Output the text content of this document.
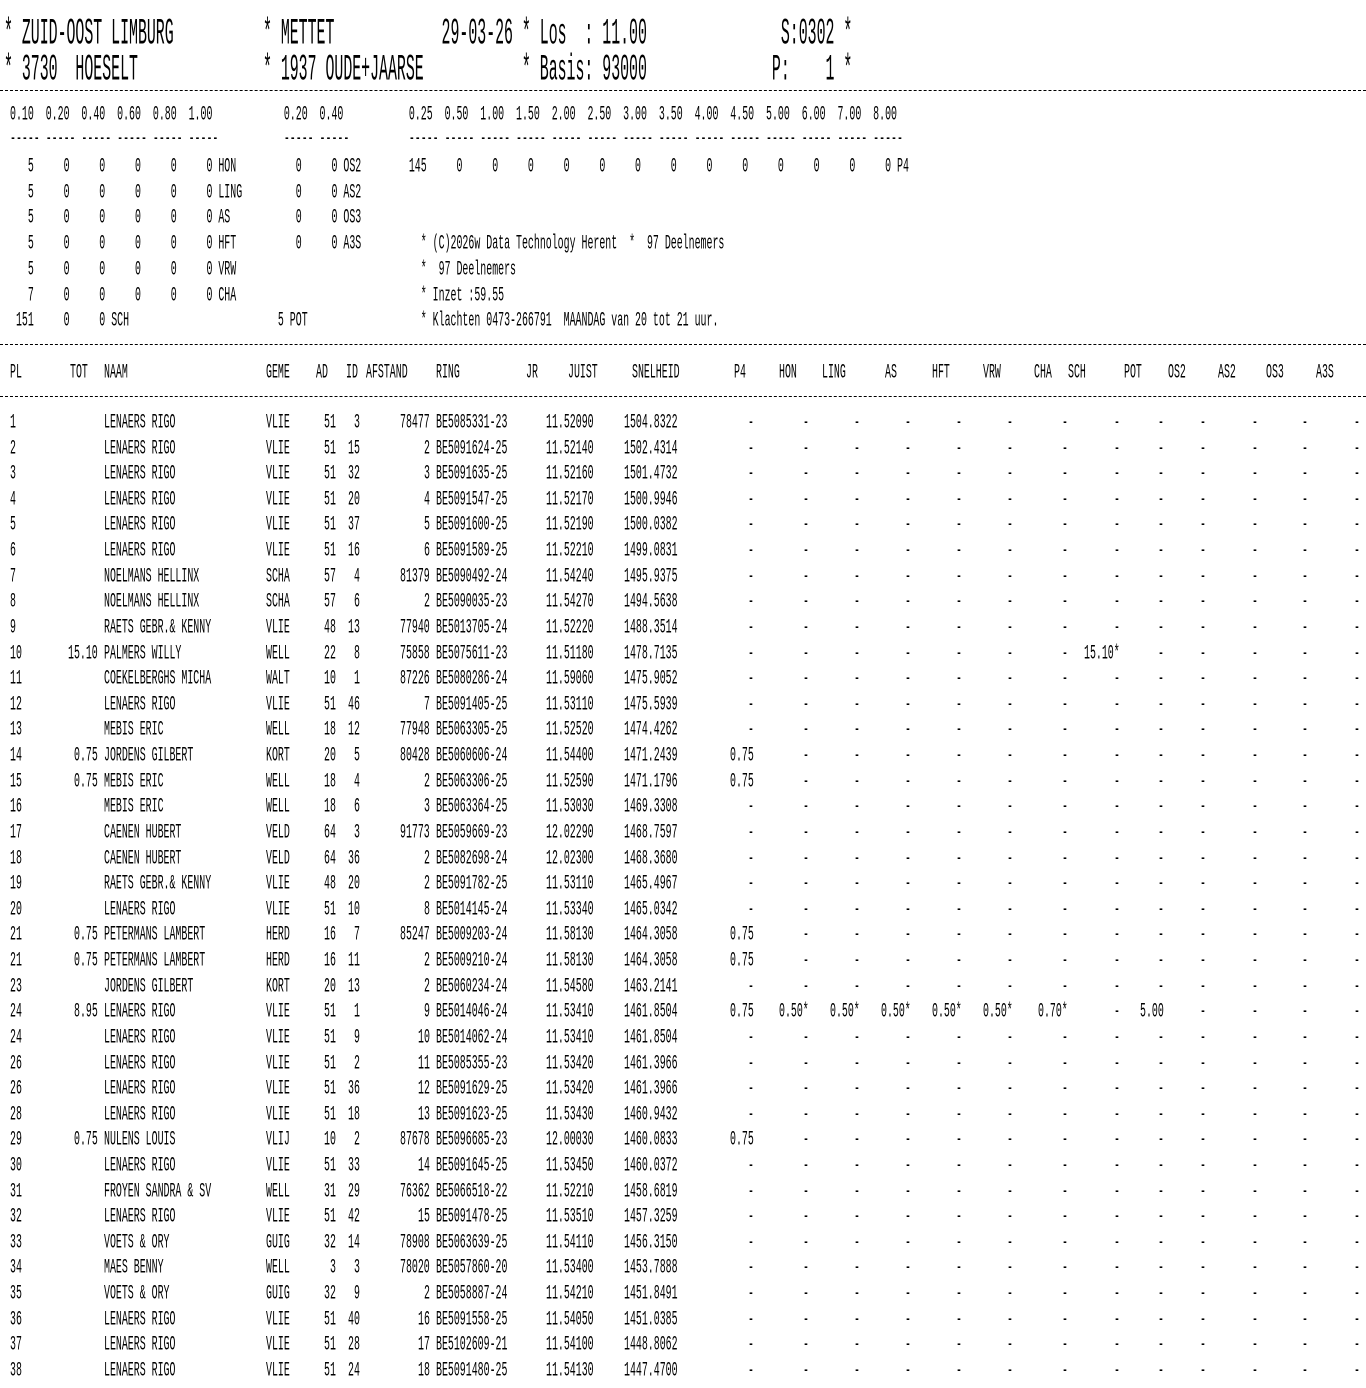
* ZUID-OOST LIMBURG          * METTET            29-03-26 * Los  : 11.00               S:0302 *
* 3730  HOESELT              * 1937 OUDE+JAARSE           * Basis: 93000              P:    1 *
0.10  0.20  0.40  0.60  0.80  1.00            0.20  0.40           0.25  0.50  1.00  1.50  2.00  2.50  3.00  3.50  4.00  4.50  5.00  6.00  7.00  8.00
----- ----- ----- ----- ----- -----           ----- -----          ----- ----- ----- ----- ----- ----- ----- ----- ----- ----- ----- ----- ----- -----
5     0     0     0     0     0 HON          0     0 OS2        145     0     0     0     0     0     0     0     0     0     0     0     0     0 P4
5     0     0     0     0     0 LING         0     0 AS2
5     0     0     0     0     0 AS           0     0 OS3
5     0     0     0     0     0 HFT          0     0 A3S          * (C)2026w Data Technology Herent  *  97 Deelnemers
5     0     0     0     0     0 VRW                               *  97 Deelnemers
7     0     0     0     0     0 CHA                               * Inzet :59.55
151     0     0 SCH                         5 POT                   * Klachten 0473-266791  MAANDAG van 20 tot 21 uur.
PL	TOT NAAM	GEME AD ID AFSTAND RING	JR JUIST SNELHEID	P4 HON LING AS HFT VRW CHA SCH POT OS2 AS2 OS3 A3S
1	LENAERS RIGO	VLIE 51 3	78477 BE5085331-23 11.52090 1504.8322	-	-	-	-	-	-	-	- - -	-	-	-
2	LENAERS RIGO	VLIE 51 15	2 BE5091624-25 11.52140 1502.4314	-	-	-	-	-	-	-	- - -	-	-	-
3	LENAERS RIGO	VLIE 51 32	3 BE5091635-25 11.52160 1501.4732	-	-	-	-	-	-	-	- - -	-	-	-
4	LENAERS RIGO	VLIE 51 20	4 BE5091547-25 11.52170 1500.9946	-	-	-	-	-	-	-	- - -	-	-	-
5	LENAERS RIGO	VLIE 51 37	5 BE5091600-25 11.52190 1500.0382	-	-	-	-	-	-	-	- - -	-	-	-
6	LENAERS RIGO	VLIE 51 16	6 BE5091589-25 11.52210 1499.0831	-	-	-	-	-	-	-	- - -	-	-	-
7	NOELMANS HELLINX	SCHA 57 4	81379 BE5090492-24 11.54240 1495.9375	-	-	-	-	-	-	-	- - -	-	-	-
8	NOELMANS HELLINX	SCHA 57 6	2 BE5090035-23 11.54270 1494.5638	-	-	-	-	-	-	-	- - -	-	-	-
9	RAETS GEBR.& KENNY	VLIE 48 13	77940 BE5013705-24 11.52220 1488.3514	-	-	-	-	-	-	-	- - -	-	-	-
10	15.10 PALMERS WILLY	WELL 22 8	75858 BE5075611-23 11.51180 1478.7135	-	-	-	-	-	-	- 15.10* - -	-	-	-
11	COEKELBERGHS MICHA	WALT 10 1	87226 BE5080286-24 11.59060 1475.9052	-	-	-	-	-	-	-	- - -	-	-	-
12	LENAERS RIGO	VLIE 51 46	7 BE5091405-25 11.53110 1475.5939	-	-	-	-	-	-	-	- - -	-	-	-
13	MEBIS ERIC	WELL 18 12	77948 BE5063305-25 11.52520 1474.4262	-	-	-	-	-	-	-	- - -	-	-	-
14	0.75 JORDENS GILBERT	KORT 20 5	80428 BE5060606-24 11.54400 1471.2439	0.75	-	-	-	-	-	-	- - -	-	-	-
15	0.75 MEBIS ERIC	WELL 18 4	2 BE5063306-25 11.52590 1471.1796	0.75	-	-	-	-	-	-	- - -	-	-	-
16	MEBIS ERIC	WELL 18 6	3 BE5063364-25 11.53030 1469.3308	-	-	-	-	-	-	-	- - -	-	-	-
17	CAENEN HUBERT	VELD 64 3	91773 BE5059669-23 12.02290 1468.7597	-	-	-	-	-	-	-	- - -	-	-	-
18	CAENEN HUBERT	VELD 64 36	2 BE5082698-24 12.02300 1468.3680	-	-	-	-	-	-	-	- - -	-	-	-
19	RAETS GEBR.& KENNY	VLIE 48 20	2 BE5091782-25 11.53110 1465.4967	-	-	-	-	-	-	-	- - -	-	-	-
20	LENAERS RIGO	VLIE 51 10	8 BE5014145-24 11.53340 1465.0342	-	-	-	-	-	-	-	- - -	-	-	-
21	0.75 PETERMANS LAMBERT	HERD 16 7	85247 BE5009203-24 11.58130 1464.3058	0.75	-	-	-	-	-	-	- - -	-	-	-
21	0.75 PETERMANS LAMBERT	HERD 16 11	2 BE5009210-24 11.58130 1464.3058	0.75	-	-	-	-	-	-	- - -	-	-	-
23	JORDENS GILBERT	KORT 20 13	2 BE5060234-24 11.54580 1463.2141	-	-	-	-	-	-	-	- - -	-	-	-
24	8.95 LENAERS RIGO	VLIE 51 1	9 BE5014046-24 11.53410 1461.8504	0.75 0.50* 0.50* 0.50* 0.50* 0.50* 0.70*	- 5.00 -	-	-	-
24	LENAERS RIGO	VLIE 51 9	10 BE5014062-24 11.53410 1461.8504	-	-	-	-	-	-	-	- - -	-	-	-
26	LENAERS RIGO	VLIE 51 2	11 BE5085355-23 11.53420 1461.3966	-	-	-	-	-	-	-	- - -	-	-	-
26	LENAERS RIGO	VLIE 51 36	12 BE5091629-25 11.53420 1461.3966	-	-	-	-	-	-	-	- - -	-	-	-
28	LENAERS RIGO	VLIE 51 18	13 BE5091623-25 11.53430 1460.9432	-	-	-	-	-	-	-	- - -	-	-	-
29	0.75 NULENS LOUIS	VLIJ 10 2	87678 BE5096685-23 12.00030 1460.0833	0.75	-	-	-	-	-	-	- - -	-	-	-
30	LENAERS RIGO	VLIE 51 33	14 BE5091645-25 11.53450 1460.0372	-	-	-	-	-	-	-	- - -	-	-	-
31	FROYEN SANDRA & SV	WELL 31 29	76362 BE5066518-22 11.52210 1458.6819	-	-	-	-	-	-	-	- - -	-	-	-
32	LENAERS RIGO	VLIE 51 42	15 BE5091478-25 11.53510 1457.3259	-	-	-	-	-	-	-	- - -	-	-	-
33	VOETS & ORY	GUIG 32 14	78908 BE5063639-25 11.54110 1456.3150	-	-	-	-	-	-	-	- - -	-	-	-
34	MAES BENNY	WELL	3 3	78020 BE5057860-20 11.53400 1453.7888	-	-	-	-	-	-	-	- - -	-	-	-
35	VOETS & ORY	GUIG 32 9	2 BE5058887-24 11.54210 1451.8491	-	-	-	-	-	-	-	- - -	-	-	-
36	LENAERS RIGO	VLIE 51 40	16 BE5091558-25 11.54050 1451.0385	-	-	-	-	-	-	-	- - -	-	-	-
37	LENAERS RIGO	VLIE 51 28	17 BE5102609-21 11.54100 1448.8062	-	-	-	-	-	-	-	- - -	-	-	-
38	LENAERS RIGO	VLIE 51 24	18 BE5091480-25 11.54130 1447.4700	-	-	-	-	-	-	-	- - -	-	-	-
